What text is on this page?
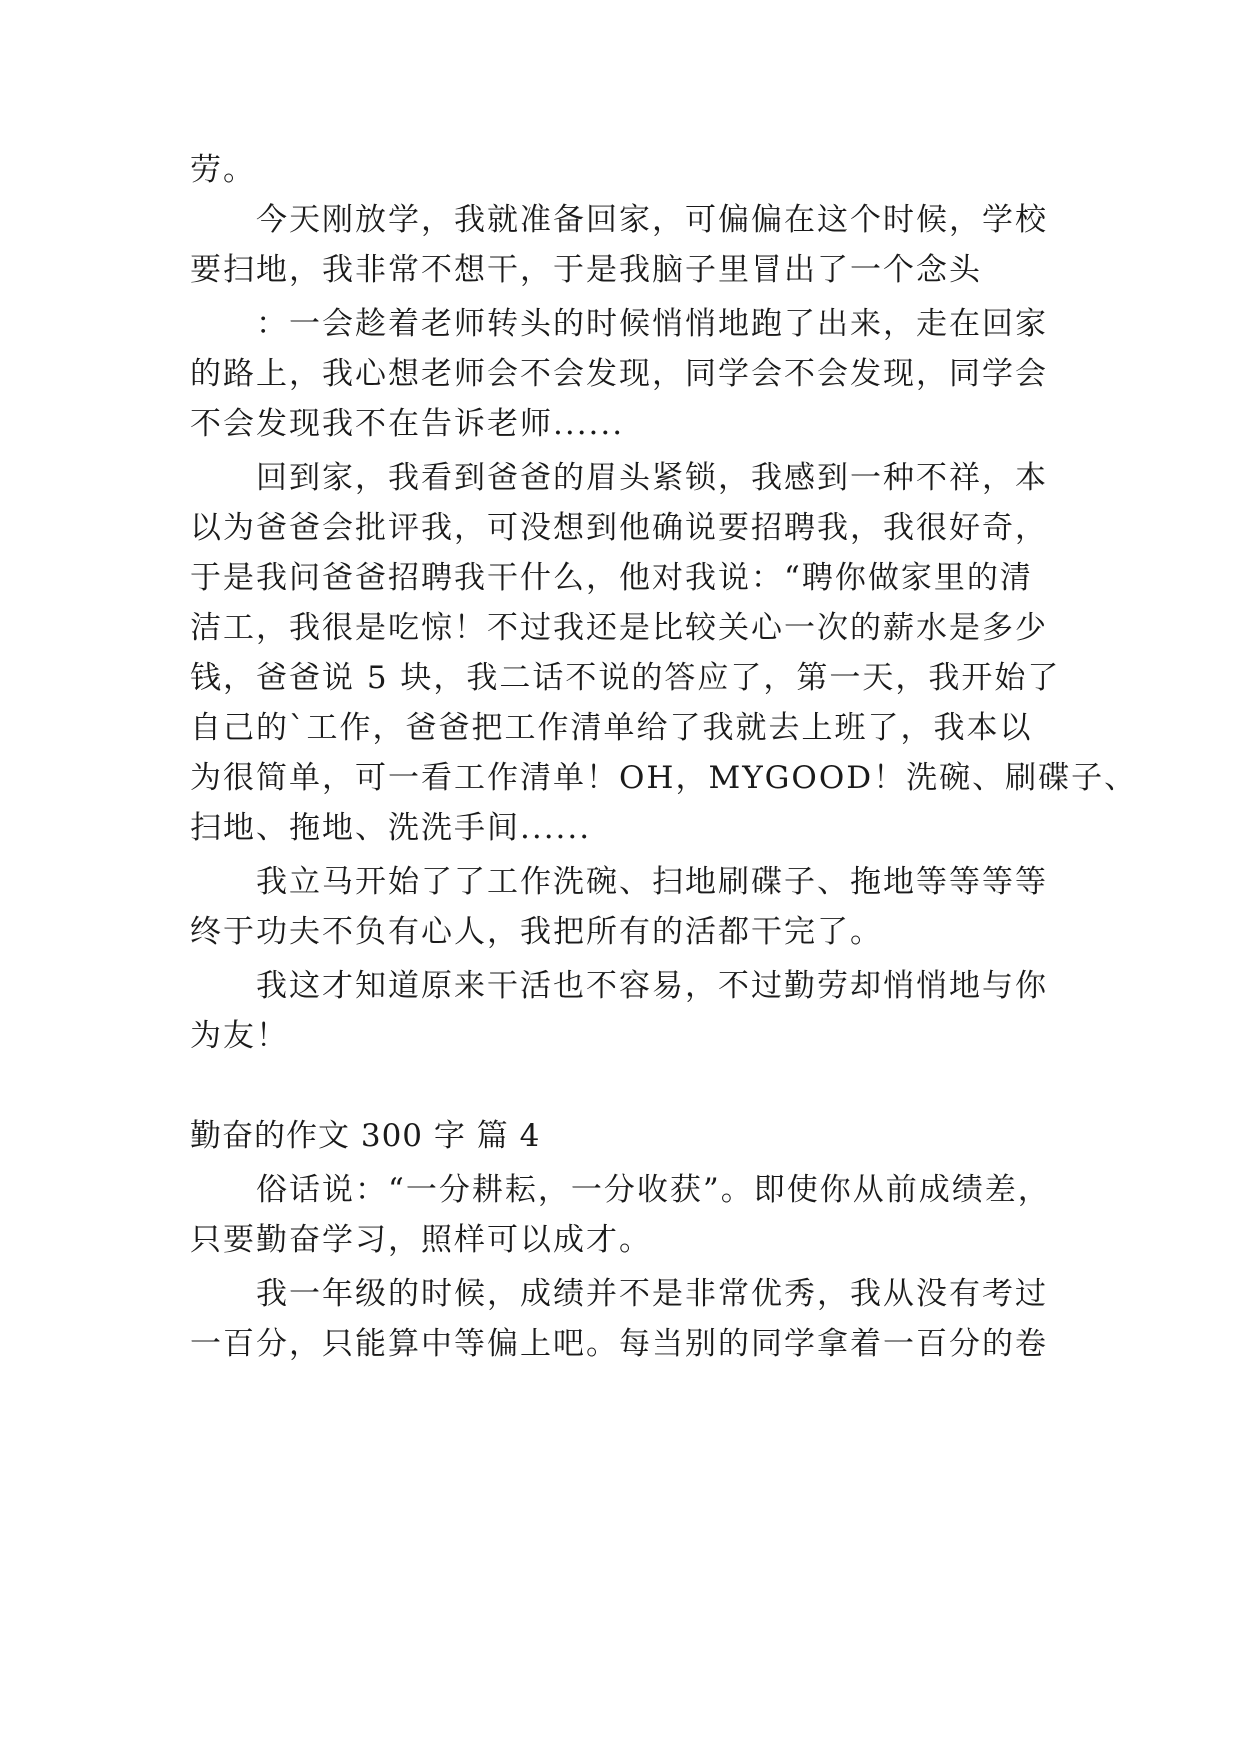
劳。
今天刚放学，我就准备回家，可偏偏在这个时候，学校
要扫地，我非常不想干，于是我脑子里冒出了一个念头
：一会趁着老师转头的时候悄悄地跑了出来，走在回家
的路上，我心想老师会不会发现，同学会不会发现，同学会
不会发现我不在告诉老师......
回到家，我看到爸爸的眉头紧锁，我感到一种不祥，本
以为爸爸会批评我，可没想到他确说要招聘我，我很好奇，
于是我问爸爸招聘我干什么，他对我说：“聘你做家里的清
洁工，我很是吃惊！不过我还是比较关心一次的薪水是多少
钱，爸爸说 5 块，我二话不说的答应了，第一天，我开始了
自己的`工作，爸爸把工作清单给了我就去上班了，我本以
为很简单，可一看工作清单！OH，MYGOOD！洗碗、刷碟子、
扫地、拖地、洗洗手间......
我立马开始了了工作洗碗、扫地刷碟子、拖地等等等等
终于功夫不负有心人，我把所有的活都干完了。
我这才知道原来干活也不容易，不过勤劳却悄悄地与你
为友！
勤奋的作文 300 字 篇 4
俗话说：“一分耕耘，一分收获”。即使你从前成绩差，
只要勤奋学习，照样可以成才。
我一年级的时候，成绩并不是非常优秀，我从没有考过
一百分，只能算中等偏上吧。每当别的同学拿着一百分的卷
